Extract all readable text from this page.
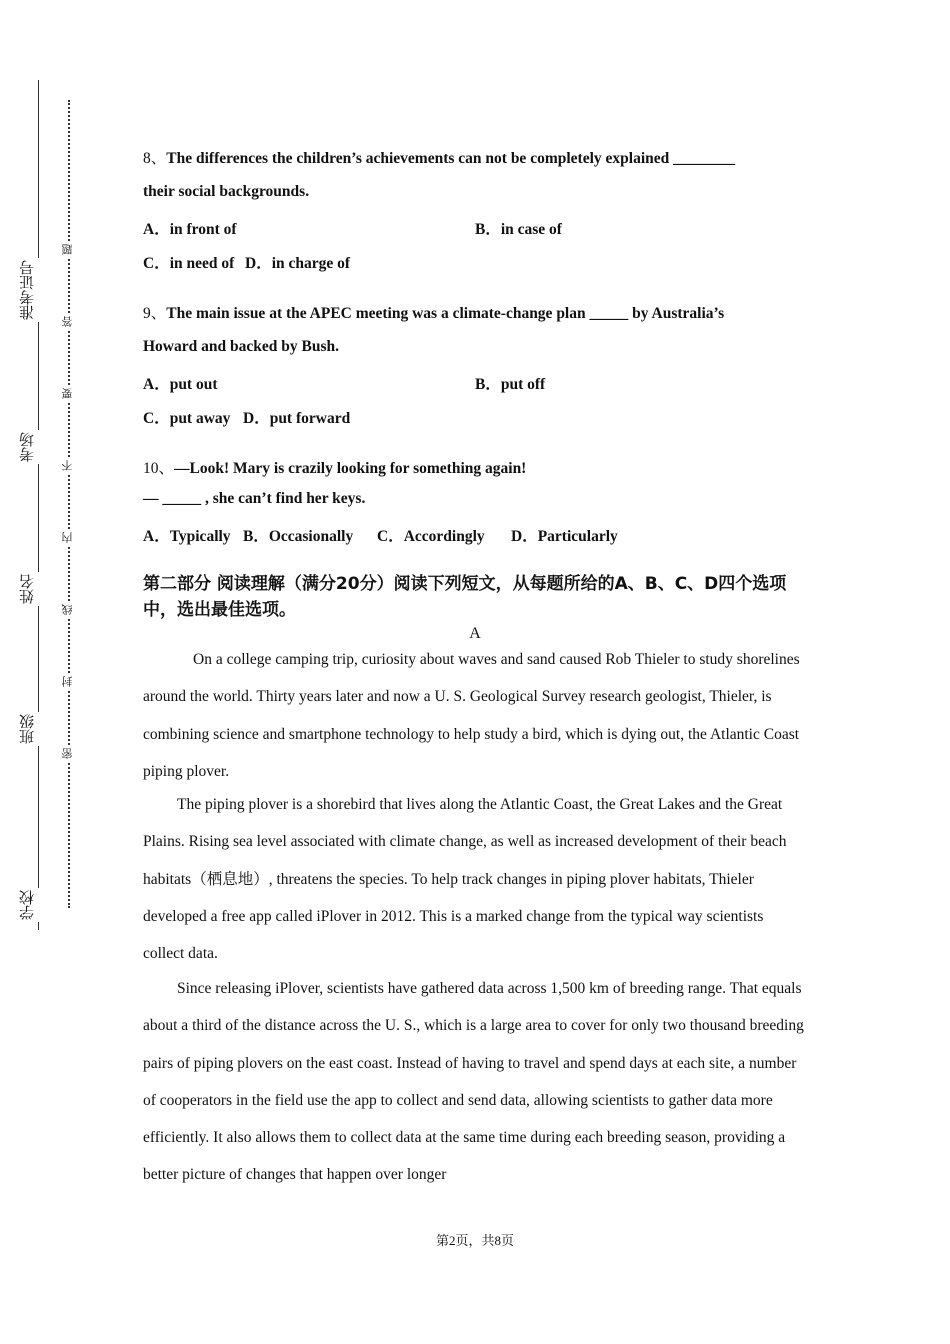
准考证号
考场
姓名
班级
学校
题
答
要
不
内
线
封
密
8、The differences the children’s achievements can not be completely explained ________
their social backgrounds.
A．in front of	B．in case of
C．in need of D．in charge of
9、The main issue at the APEC meeting was a climate-change plan _____ by Australia’s
Howard and backed by Bush.
A．put out	B．put off
C．put away D．put forward
10、—Look! Mary is crazily looking for something again!
— _____ , she can’t find her keys.
A．Typically B．Occasionally C．Accordingly D．Particularly
第二部分 阅读理解（满分20分）阅读下列短文，从每题所给的A、B、C、D四个选项中，选出最佳选项。
A

On a college camping trip, curiosity about waves and sand caused Rob Thieler to study shorelines around the world. Thirty years later and now a U. S. Geological Survey research geologist, Thieler, is combining science and smartphone technology to help study a bird, which is dying out, the Atlantic Coast piping plover.

The piping plover is a shorebird that lives along the Atlantic Coast, the Great Lakes and the Great Plains. Rising sea level associated with climate change, as well as increased development of their beach habitats（栖息地）, threatens the species. To help track changes in piping plover habitats, Thieler developed a free app called iPlover in 2012. This is a marked change from the typical way scientists collect data.

Since releasing iPlover, scientists have gathered data across 1,500 km of breeding range. That equals about a third of the distance across the U. S., which is a large area to cover for only two thousand breeding pairs of piping plovers on the east coast. Instead of having to travel and spend days at each site, a number of cooperators in the field use the app to collect and send data, allowing scientists to gather data more efficiently. It also allows them to collect data at the same time during each breeding season, providing a better picture of changes that happen over longer

第2页，共8页
